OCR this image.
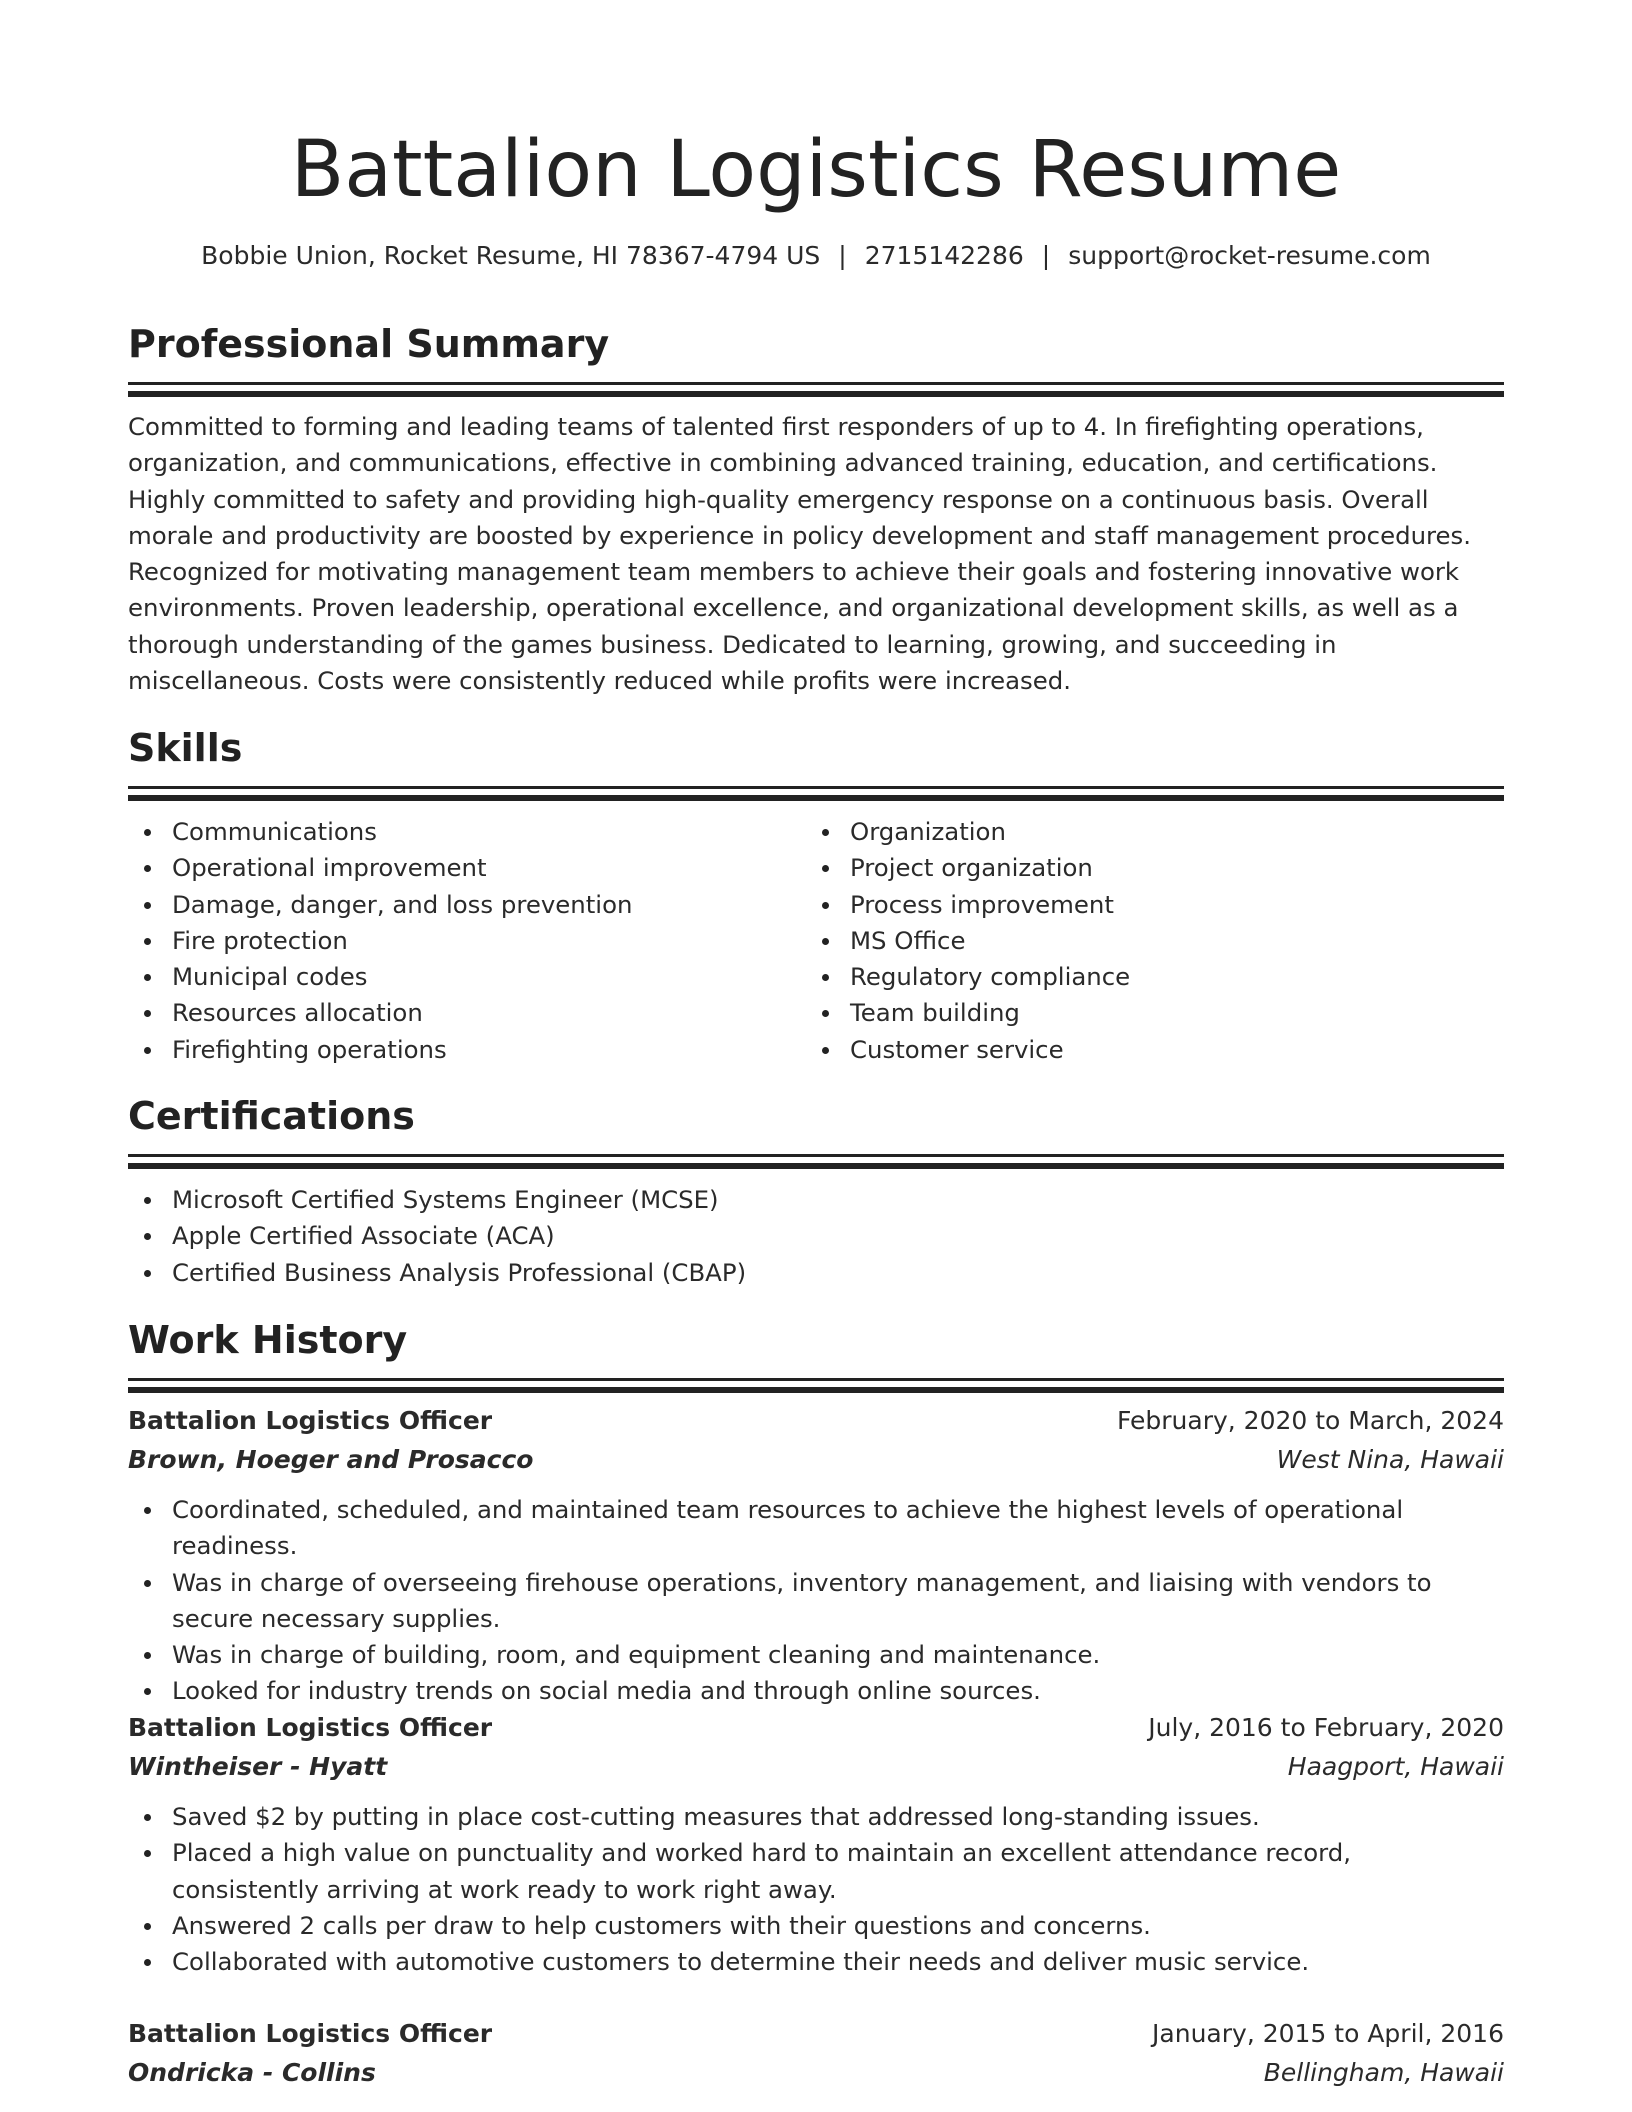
Battalion Logistics Resume
Bobbie Union, Rocket Resume, HI 78367-4794 US | 2715142286 | support@rocket-resume.com
Professional Summary
Committed to forming and leading teams of talented first responders of up to 4. In firefighting operations, organization, and communications, effective in combining advanced training, education, and certifications. Highly committed to safety and providing high-quality emergency response on a continuous basis. Overall morale and productivity are boosted by experience in policy development and staff management procedures. Recognized for motivating management team members to achieve their goals and fostering innovative work environments. Proven leadership, operational excellence, and organizational development skills, as well as a thorough understanding of the games business. Dedicated to learning, growing, and succeeding in miscellaneous. Costs were consistently reduced while profits were increased.
Skills
Communications
Operational improvement
Damage, danger, and loss prevention
Fire protection
Municipal codes
Resources allocation
Firefighting operations
Organization
Project organization
Process improvement
MS Office
Regulatory compliance
Team building
Customer service
Certifications
Microsoft Certified Systems Engineer (MCSE)
Apple Certified Associate (ACA)
Certified Business Analysis Professional (CBAP)
Work History
Battalion Logistics Officer	February, 2020 to March, 2024
Brown, Hoeger and Prosacco	West Nina, Hawaii
Coordinated, scheduled, and maintained team resources to achieve the highest levels of operational readiness.
Was in charge of overseeing firehouse operations, inventory management, and liaising with vendors to secure necessary supplies.
Was in charge of building, room, and equipment cleaning and maintenance.
Looked for industry trends on social media and through online sources.
Battalion Logistics Officer	July, 2016 to February, 2020
Wintheiser - Hyatt	Haagport, Hawaii
Saved $2 by putting in place cost-cutting measures that addressed long-standing issues.
Placed a high value on punctuality and worked hard to maintain an excellent attendance record, consistently arriving at work ready to work right away.
Answered 2 calls per draw to help customers with their questions and concerns.
Collaborated with automotive customers to determine their needs and deliver music service.
Battalion Logistics Officer	January, 2015 to April, 2016
Ondricka - Collins	Bellingham, Hawaii
